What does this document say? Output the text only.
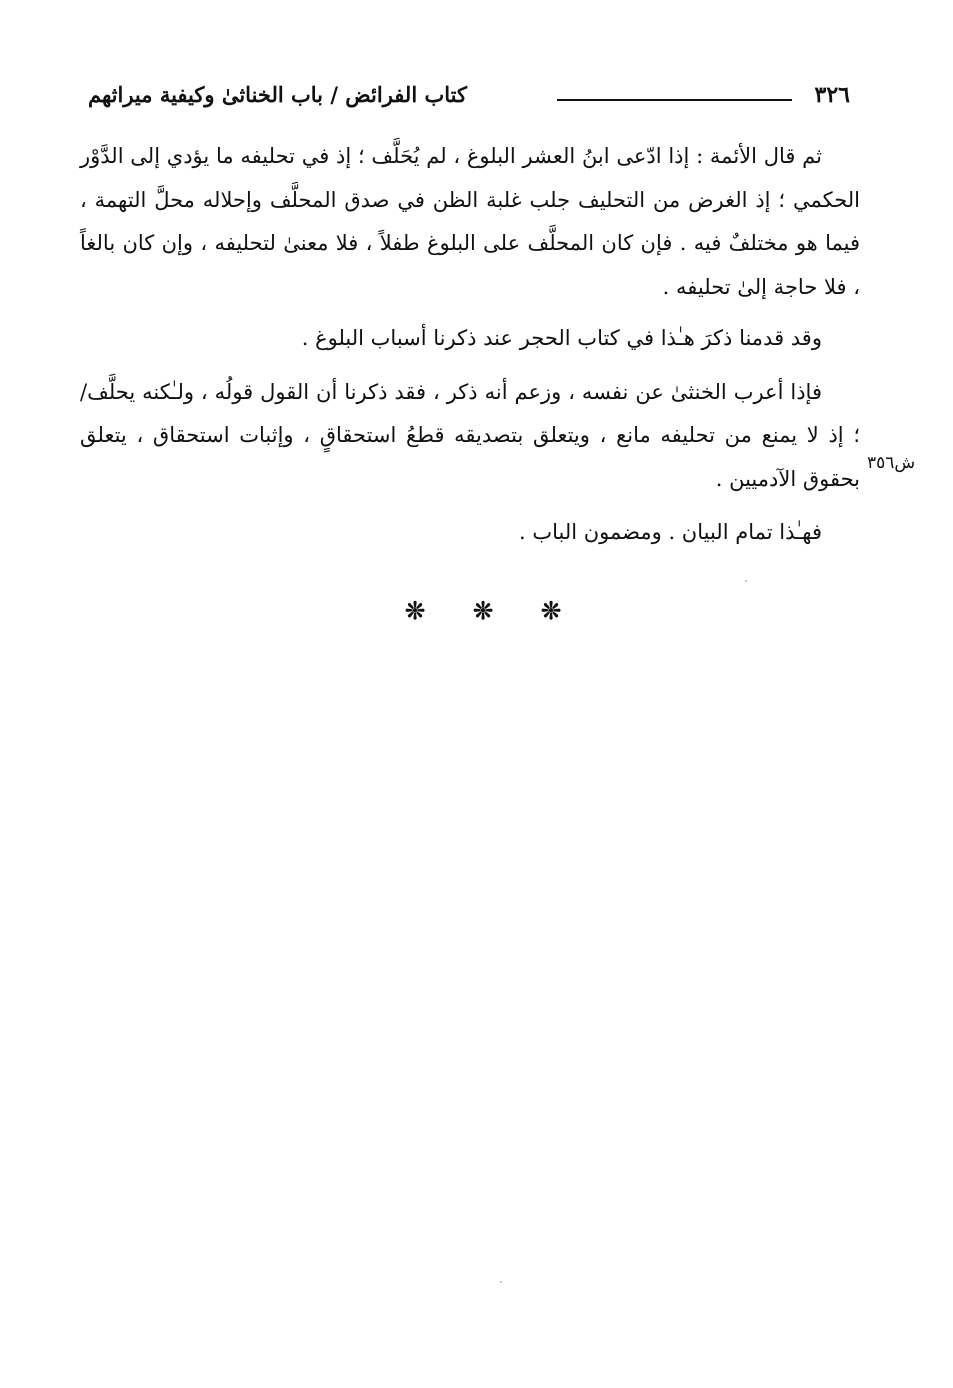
٣٢٦
كتاب الفرائض / باب الخناثىٰ وكيفية ميراثهم

ثم قال الأئمة : إذا ادّعى ابنُ العشر البلوغ ، لم يُحَلَّف ؛ إذ في تحليفه ما يؤدي إلى الدَّوْر الحكمي ؛ إذ الغرض من التحليف جلب غلبة الظن في صدق المحلَّف وإحلاله محلَّ التهمة ، فيما هو مختلفٌ فيه . فإن كان المحلَّف على البلوغ طفلاً ، فلا معنىٰ لتحليفه ، وإن كان بالغاً ، فلا حاجة إلىٰ تحليفه .

وقد قدمنا ذكرَ هـٰذا في كتاب الحجر عند ذكرنا أسباب البلوغ .

فإذا أعرب الخنثىٰ عن نفسه ، وزعم أنه ذكر ، فقد ذكرنا أن القول قولُه ، ولـٰكنه يحلَّف/ ؛ إذ لا يمنع من تحليفه مانع ، ويتعلق بتصديقه قطعُ استحقاقٍ ، وإثبات استحقاق ، يتعلق بحقوق الآدميين .

فهـٰذا تمام البيان . ومضمون الباب .

ش٣٥٦
❊ ❊ ❊
